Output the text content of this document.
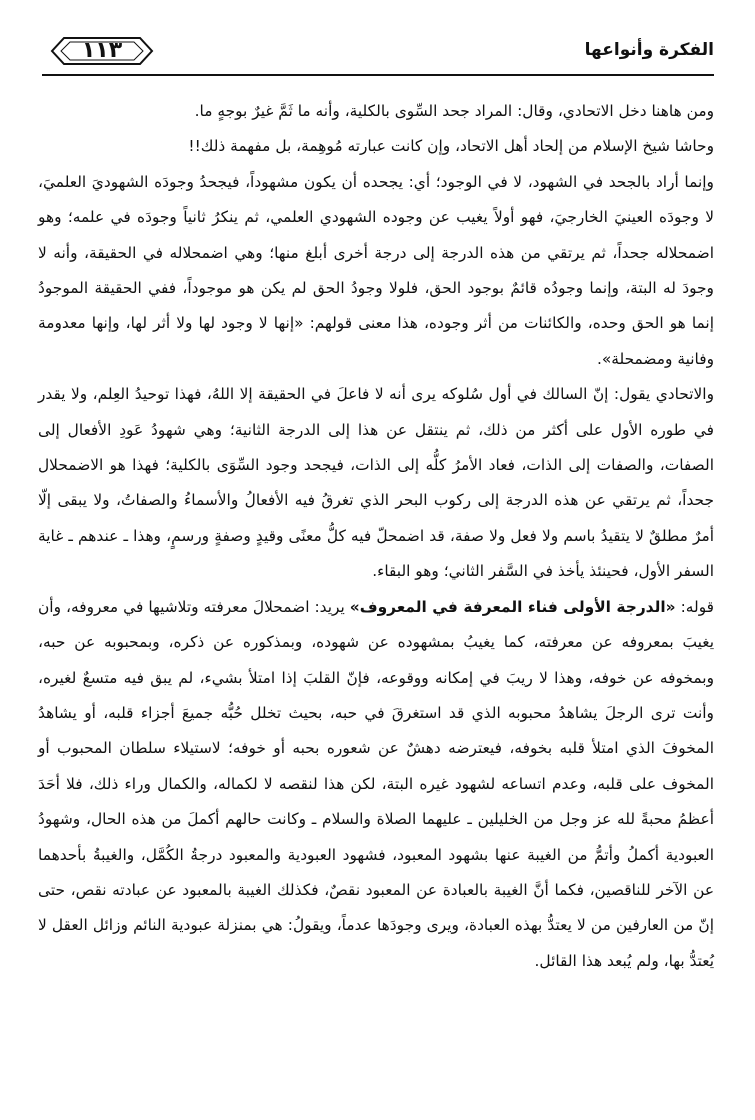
١١٣	الفكرة وأنواعها

ومن هاهنا دخل الاتحادي، وقال: المراد جحد السِّوى بالكلية، وأنه ما ثَمَّ غيرٌ بوجهٍ ما.

وحاشا شيخ الإسلام من إلحاد أهل الاتحاد، وإن كانت عبارته مُوهِمة، بل مفهمة ذلك!!

وإنما أراد بالجحد في الشهود، لا في الوجود؛ أي: يجحده أن يكون مشهوداً، فيجحدُ وجودَه الشهوديَ العلميَ، لا وجودَه العينيَ الخارجيَ، فهو أولاً يغيب عن وجوده الشهودي العلمي، ثم ينكرُ ثانياً وجودَه في علمه؛ وهو اضمحلاله جحداً، ثم يرتقي من هذه الدرجة إلى درجة أخرى أبلغ منها؛ وهي اضمحلاله في الحقيقة، وأنه لا وجودَ له البتة، وإنما وجودُه قائمٌ بوجود الحق، فلولا وجودُ الحق لم يكن هو موجوداً، ففي الحقيقة الموجودُ إنما هو الحق وحده، والكائنات من أثر وجوده، هذا معنى قولهم: «إنها لا وجود لها ولا أثر لها، وإنها معدومة وفانية ومضمحلة».

والاتحادي يقول: إنّ السالك في أول سُلوكه يرى أنه لا فاعلَ في الحقيقة إلا اللهُ، فهذا توحيدُ العِلم، ولا يقدر في طوره الأول على أكثر من ذلك، ثم ينتقل عن هذا إلى الدرجة الثانية؛ وهي شهودُ عَودِ الأفعال إلى الصفات، والصفات إلى الذات، فعاد الأمرُ كلُّه إلى الذات، فيجحد وجود السِّوَى بالكلية؛ فهذا هو الاضمحلال جحداً، ثم يرتقي عن هذه الدرجة إلى ركوب البحر الذي تغرقُ فيه الأفعالُ والأسماءُ والصفاتُ، ولا يبقى إلّا أمرٌ مطلقٌ لا يتقيدُ باسم ولا فعل ولا صفة، قد اضمحلّ فيه كلُّ معنًى وقيدٍ وصفةٍ ورسمٍ، وهذا ـ عندهم ـ غاية السفر الأول، فحينئذ يأخذ في السَّفر الثاني؛ وهو البقاء.

قوله: «الدرجة الأولى فناء المعرفة في المعروف» يريد: اضمحلالَ معرفته وتلاشيها في معروفه، وأن يغيبَ بمعروفه عن معرفته، كما يغيبُ بمشهوده عن شهوده، وبمذكوره عن ذكره، وبمحبوبه عن حبه، وبمخوفه عن خوفه، وهذا لا ريبَ في إمكانه ووقوعه، فإنّ القلبَ إذا امتلأ بشيء، لم يبق فيه متسعٌ لغيره، وأنت ترى الرجلَ يشاهدُ محبوبه الذي قد استغرقَ في حبه، بحيث تخلل حُبُّه جميعَ أجزاء قلبه، أو يشاهدُ المخوفَ الذي امتلأ قلبه بخوفه، فيعترضه دهشٌ عن شعوره بحبه أو خوفه؛ لاستيلاء سلطان المحبوب أو المخوف على قلبه، وعدم اتساعه لشهود غيره البتة، لكن هذا لنقصه لا لكماله، والكمال وراء ذلك، فلا أحَدَ أعظمُ محبةً لله عز وجل من الخليلين ـ عليهما الصلاة والسلام ـ وكانت حالهم أكملَ من هذه الحال، وشهودُ العبودية أكملُ وأتمُّ من الغيبة عنها بشهود المعبود، فشهود العبودية والمعبود درجةُ الكُمَّل، والغيبةُ بأحدهما عن الآخر للناقصين، فكما أنَّ الغيبة بالعبادة عن المعبود نقصٌ، فكذلك الغيبة بالمعبود عن عبادته نقص، حتى إنّ من العارفين من لا يعتدُّ بهذه العبادة، ويرى وجودَها عدماً، ويقولُ: هي بمنزلة عبودية النائم وزائل العقل لا يُعتدُّ بها، ولم يُبعد هذا القائل.
